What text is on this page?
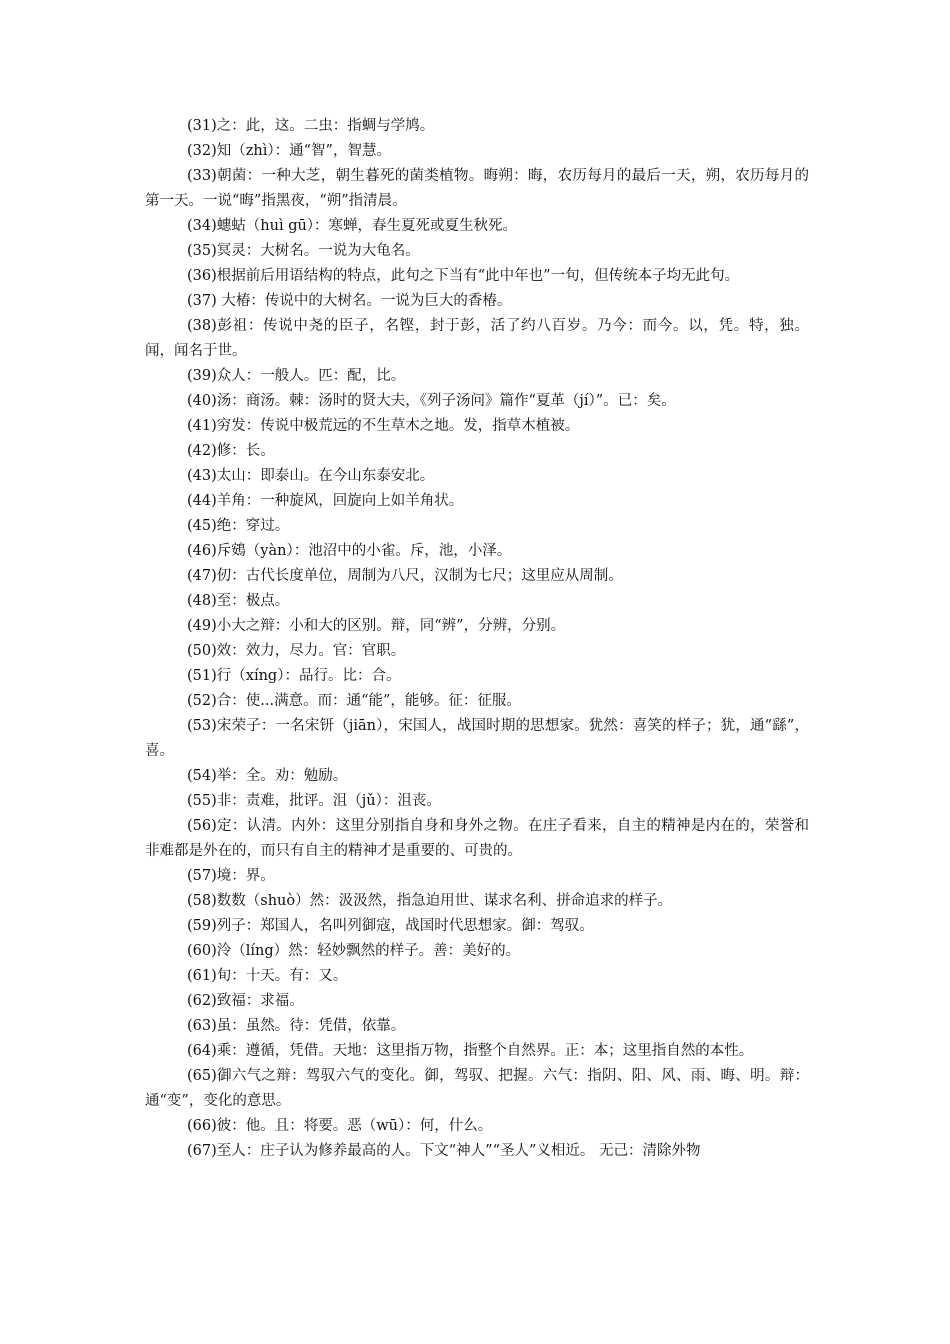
(31)之：此，这。二虫：指蜩与学鸠。

(32)知（zhì）：通“智”，智慧。

(33)朝菌：一种大芝，朝生暮死的菌类植物。晦朔：晦，农历每月的最后一天，朔，农历每月的第一天。一说“晦”指黑夜，“朔”指清晨。

(34)蟪蛄（huì gū）：寒蝉，春生夏死或夏生秋死。

(35)冥灵：大树名。一说为大龟名。

(36)根据前后用语结构的特点，此句之下当有“此中年也”一句，但传统本子均无此句。

(37) 大椿：传说中的大树名。一说为巨大的香椿。

(38)彭祖：传说中尧的臣子，名铿，封于彭，活了约八百岁。乃今：而今。以，凭。特，独。闻，闻名于世。

(39)众人：一般人。匹：配，比。

(40)汤：商汤。棘：汤时的贤大夫，《列子汤问》篇作“夏革（jí）”。已：矣。

(41)穷发：传说中极荒远的不生草木之地。发，指草木植被。

(42)修：长。

(43)太山：即泰山。在今山东泰安北。

(44)羊角：一种旋风，回旋向上如羊角状。

(45)绝：穿过。

(46)斥鴳（yàn）：池沼中的小雀。斥，池，小泽。

(47)仞：古代长度单位，周制为八尺，汉制为七尺；这里应从周制。

(48)至：极点。

(49)小大之辩：小和大的区别。辩，同“辨”，分辨，分别。

(50)效：效力，尽力。官：官职。

(51)行（xíng）：品行。比：合。

(52)合：使...满意。而：通“能”，能够。征：征服。

(53)宋荣子：一名宋钘（jiān），宋国人，战国时期的思想家。犹然：喜笑的样子；犹，通“繇”，喜。

(54)举：全。劝：勉励。

(55)非：责难，批评。沮（jǔ）：沮丧。

(56)定：认清。内外：这里分别指自身和身外之物。在庄子看来，自主的精神是内在的，荣誉和非难都是外在的，而只有自主的精神才是重要的、可贵的。

(57)境：界。

(58)数数（shuò）然：汲汲然，指急迫用世、谋求名利、拼命追求的样子。

(59)列子：郑国人，名叫列御寇，战国时代思想家。御：驾驭。

(60)泠（líng）然：轻妙飘然的样子。善：美好的。

(61)旬：十天。有：又。

(62)致福：求福。

(63)虽：虽然。待：凭借，依靠。

(64)乘：遵循，凭借。天地：这里指万物，指整个自然界。正：本；这里指自然的本性。

(65)御六气之辩：驾驭六气的变化。御，驾驭、把握。六气：指阴、阳、风、雨、晦、明。辩：通“变”，变化的意思。

(66)彼：他。且：将要。恶（wū）：何，什么。

(67)至人：庄子认为修养最高的人。下文“神人”“圣人”义相近。 无己：清除外物
